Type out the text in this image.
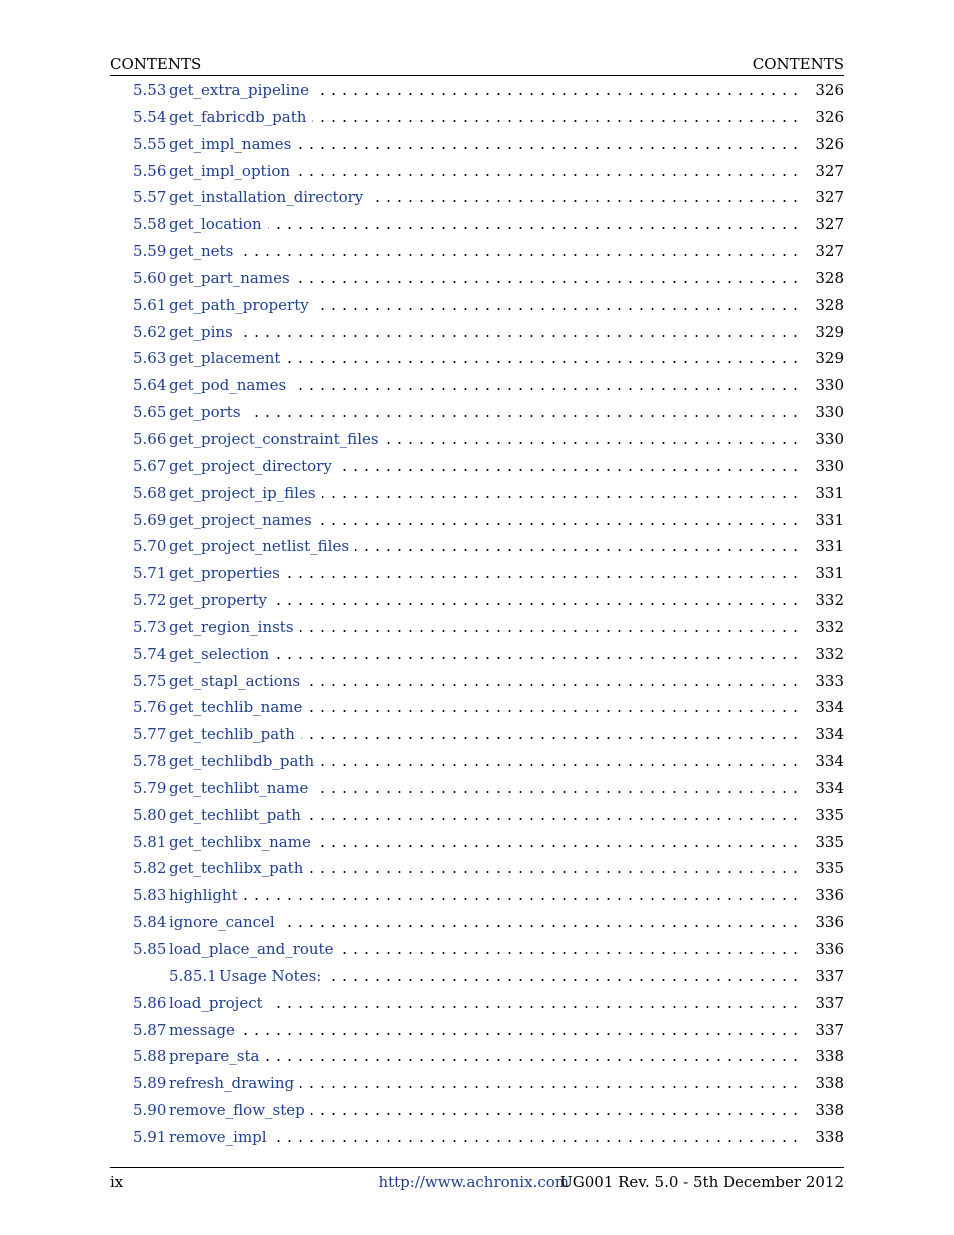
CONTENTS	CONTENTS
5.53 get_extra_pipeline	326
5.54 get_fabricdb_path	326
5.55 get_impl_names	326
5.56 get_impl_option	327
5.57 get_installation_directory	327
5.58 get_location	327
5.59 get_nets	327
5.60 get_part_names	328
5.61 get_path_property	328
5.62 get_pins	329
5.63 get_placement	329
5.64 get_pod_names	330
5.65 get_ports	330
5.66 get_project_constraint_files	330
5.67 get_project_directory	330
5.68 get_project_ip_files	331
5.69 get_project_names	331
5.70 get_project_netlist_files	331
5.71 get_properties	331
5.72 get_property	332
5.73 get_region_insts	332
5.74 get_selection	332
5.75 get_stapl_actions	333
5.76 get_techlib_name	334
5.77 get_techlib_path	334
5.78 get_techlibdb_path	334
5.79 get_techlibt_name	334
5.80 get_techlibt_path	335
5.81 get_techlibx_name	335
5.82 get_techlibx_path	335
5.83 highlight	336
5.84 ignore_cancel	336
5.85 load_place_and_route	336
5.85.1 Usage Notes:	337
5.86 load_project	337
5.87 message	337
5.88 prepare_sta	338
5.89 refresh_drawing	338
5.90 remove_flow_step	338
5.91 remove_impl	338
ix	http://www.achronix.com
UG001 Rev. 5.0 - 5th December 2012
